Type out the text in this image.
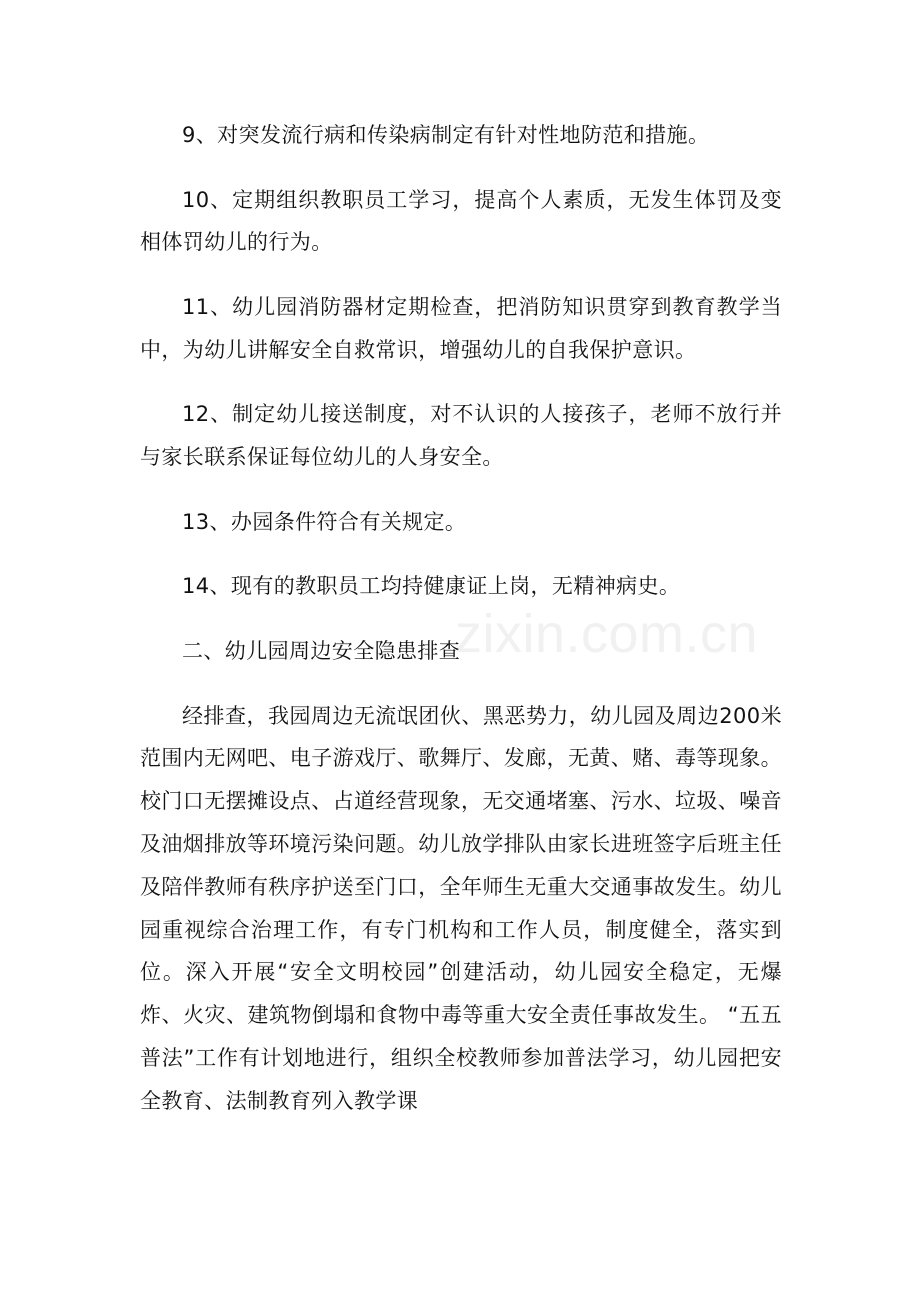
9、对突发流行病和传染病制定有针对性地防范和措施。

10、定期组织教职员工学习，提高个人素质，无发生体罚及变相体罚幼儿的行为。

11、幼儿园消防器材定期检查，把消防知识贯穿到教育教学当中，为幼儿讲解安全自救常识，增强幼儿的自我保护意识。

12、制定幼儿接送制度，对不认识的人接孩子，老师不放行并与家长联系保证每位幼儿的人身安全。

13、办园条件符合有关规定。

14、现有的教职员工均持健康证上岗，无精神病史。

二、幼儿园周边安全隐患排查

经排查，我园周边无流氓团伙、黑恶势力，幼儿园及周边200米范围内无网吧、电子游戏厅、歌舞厅、发廊，无黄、赌、毒等现象。校门口无摆摊设点、占道经营现象，无交通堵塞、污水、垃圾、噪音及油烟排放等环境污染问题。幼儿放学排队由家长进班签字后班主任及陪伴教师有秩序护送至门口，全年师生无重大交通事故发生。幼儿园重视综合治理工作，有专门机构和工作人员，制度健全，落实到位。深入开展“安全文明校园”创建活动，幼儿园安全稳定，无爆炸、火灾、建筑物倒塌和食物中毒等重大安全责任事故发生。 “五五普法”工作有计划地进行，组织全校教师参加普法学习，幼儿园把安全教育、法制教育列入教学课

zixin.com.cn
